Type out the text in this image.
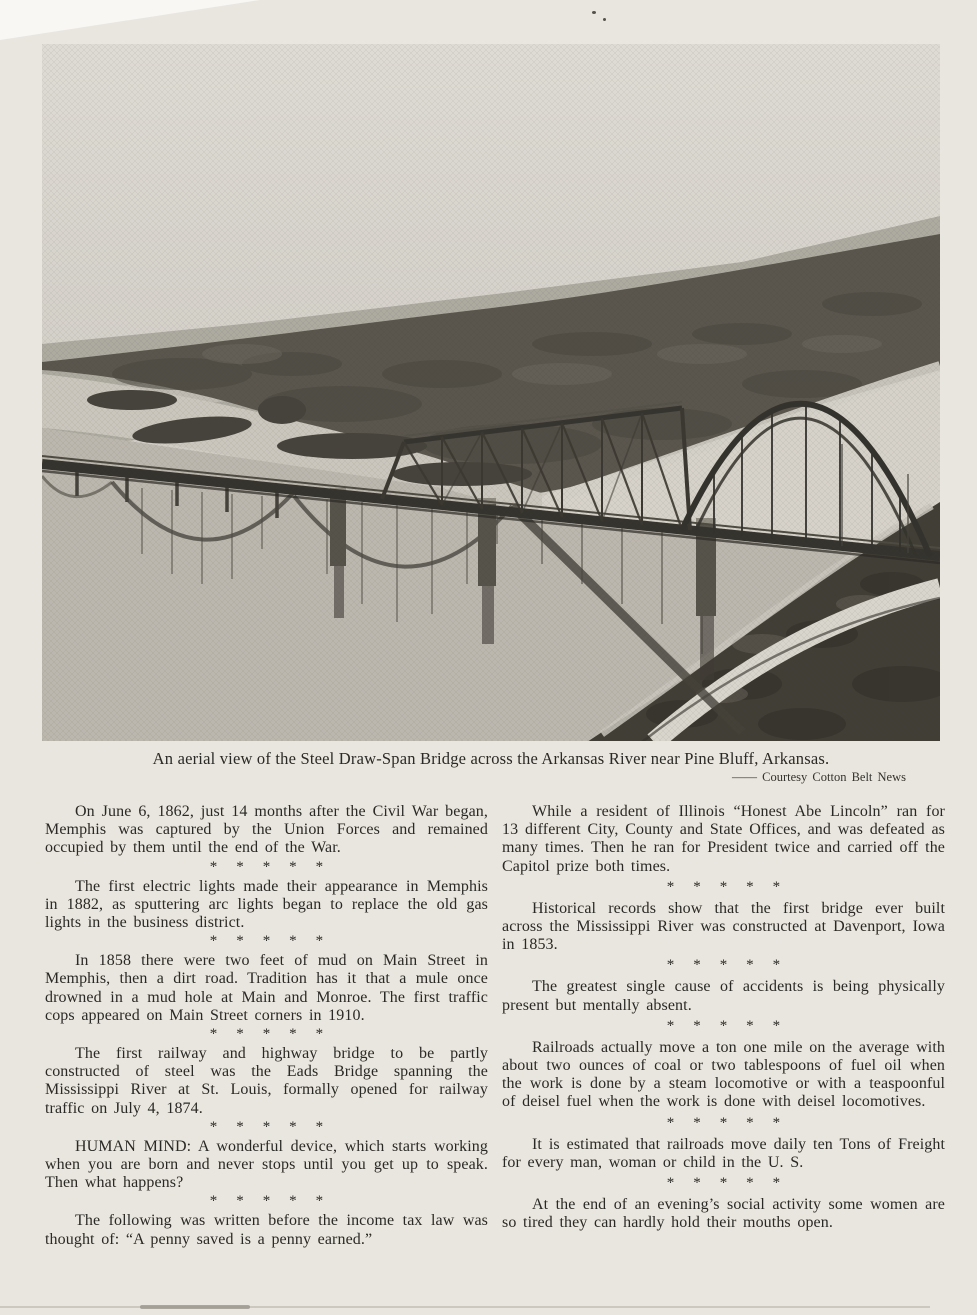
An aerial view of the Steel Draw-Span Bridge across the Arkansas River near Pine Bluff, Arkansas.
—— Courtesy Cotton Belt News

On June 6, 1862, just 14 months after the Civil War began, Memphis was captured by the Union Forces and remained occupied by them until the end of the War.

* * * * *

The first electric lights made their appearance in Memphis in 1882, as sputtering arc lights began to replace the old gas lights in the business district.

* * * * *

In 1858 there were two feet of mud on Main Street in Memphis, then a dirt road. Tradition has it that a mule once drowned in a mud hole at Main and Monroe. The first traffic cops appeared on Main Street corners in 1910.

* * * * *

The first railway and highway bridge to be partly constructed of steel was the Eads Bridge spanning the Mississippi River at St. Louis, formally opened for railway traffic on July 4, 1874.

* * * * *

HUMAN MIND: A wonderful device, which starts working when you are born and never stops until you get up to speak. Then what happens?

* * * * *

The following was written before the income tax law was thought of: “A penny saved is a penny earned.”

While a resident of Illinois “Honest Abe Lincoln” ran for 13 different City, County and State Offices, and was defeated as many times. Then he ran for President twice and carried off the Capitol prize both times.

* * * * *

Historical records show that the first bridge ever built across the Mississippi River was constructed at Davenport, Iowa in 1853.

* * * * *

The greatest single cause of accidents is being physically present but mentally absent.

* * * * *

Railroads actually move a ton one mile on the average with about two ounces of coal or two tablespoons of fuel oil when the work is done by a steam locomotive or with a teaspoonful of deisel fuel when the work is done with deisel locomotives.

* * * * *

It is estimated that railroads move daily ten Tons of Freight for every man, woman or child in the U. S.

* * * * *

At the end of an evening’s social activity some women are so tired they can hardly hold their mouths open.
